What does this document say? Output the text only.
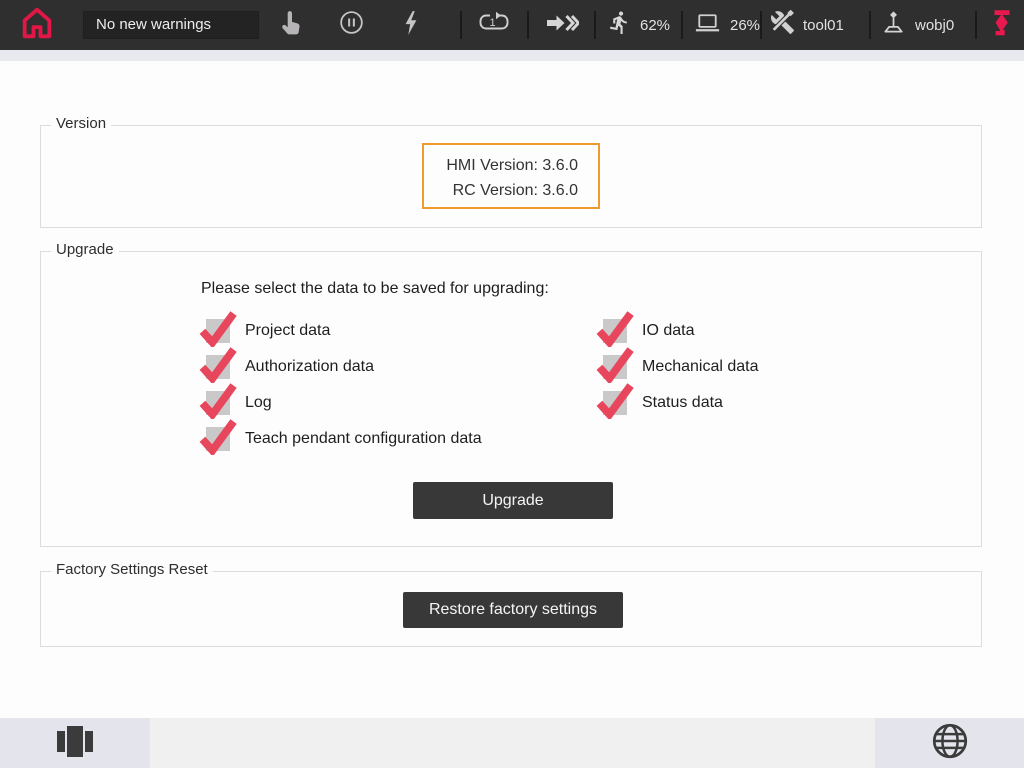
No new warnings	1	62%	26%	tool01	wobj0
Version
HMI Version: 3.6.0
RC Version: 3.6.0
Upgrade
Please select the data to be saved for upgrading:
Project data
Authorization data
Log
Teach pendant configuration data
IO data
Mechanical data
Status data
Upgrade
Factory Settings Reset
Restore factory settings
